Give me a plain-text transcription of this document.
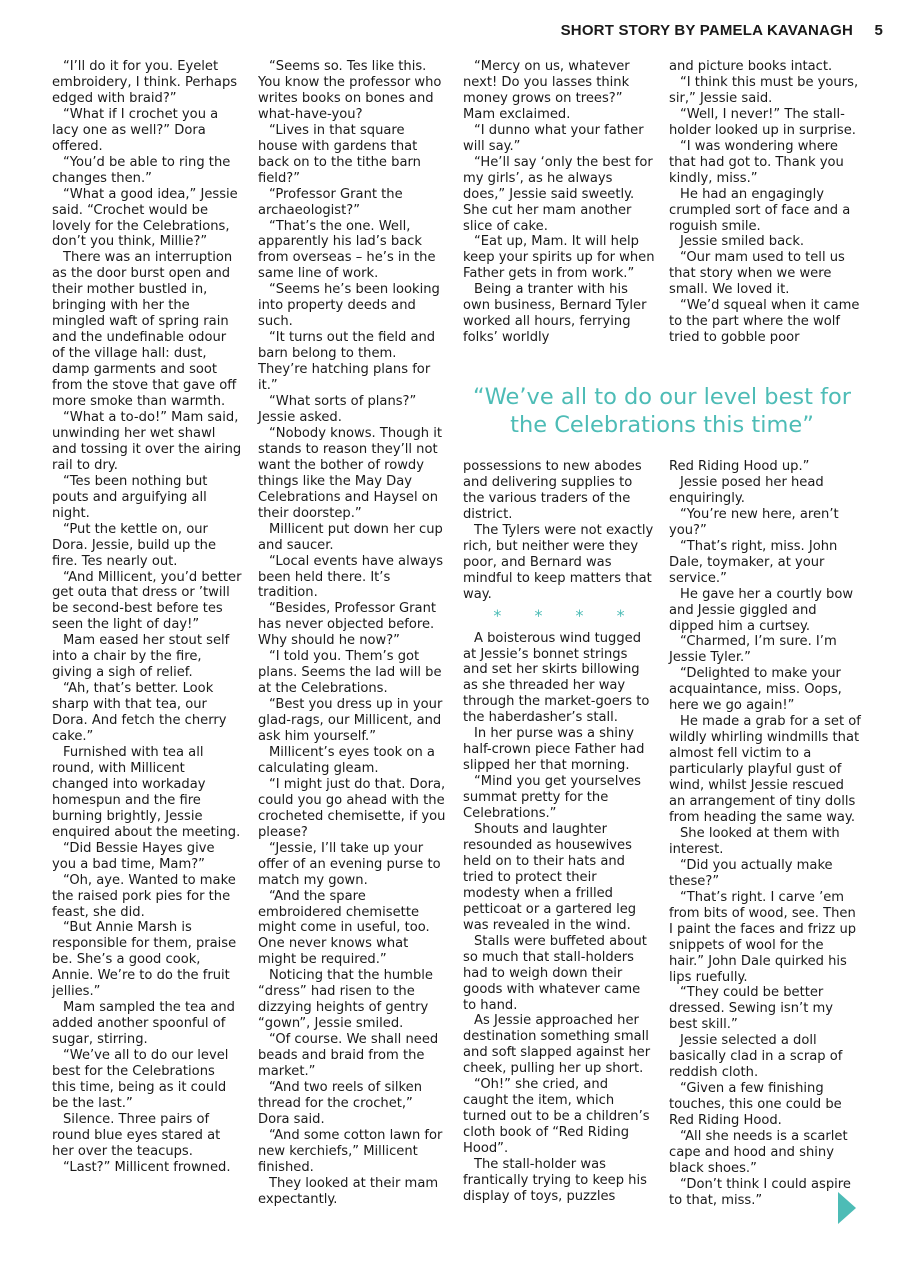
SHORT STORY BY PAMELA KAVANAGH 5

“I’ll do it for you. Eyelet embroidery, I think. Perhaps edged with braid?”

“What if I crochet you a lacy one as well?” Dora offered.

“You’d be able to ring the changes then.”

“What a good idea,” Jessie said. “Crochet would be lovely for the Celebrations, don’t you think, Millie?”

There was an interruption as the door burst open and their mother bustled in, bringing with her the mingled waft of spring rain and the undefinable odour of the village hall: dust, damp garments and soot from the stove that gave off more smoke than warmth.

“What a to-do!” Mam said, unwinding her wet shawl and tossing it over the airing rail to dry.

“Tes been nothing but pouts and arguifying all night.

“Put the kettle on, our Dora. Jessie, build up the fire. Tes nearly out.

“And Millicent, you’d better get outa that dress or ’twill be second-best before tes seen the light of day!”

Mam eased her stout self into a chair by the fire, giving a sigh of relief.

“Ah, that’s better. Look sharp with that tea, our Dora. And fetch the cherry cake.”

Furnished with tea all round, with Millicent changed into workaday homespun and the fire burning brightly, Jessie enquired about the meeting.

“Did Bessie Hayes give you a bad time, Mam?”

“Oh, aye. Wanted to make the raised pork pies for the feast, she did.

“But Annie Marsh is responsible for them, praise be. She’s a good cook, Annie. We’re to do the fruit jellies.”

Mam sampled the tea and added another spoonful of sugar, stirring.

“We’ve all to do our level best for the Celebrations this time, being as it could be the last.”

Silence. Three pairs of round blue eyes stared at her over the teacups.

“Last?” Millicent frowned.

“Seems so. Tes like this. You know the professor who writes books on bones and what-have-you?

“Lives in that square house with gardens that back on to the tithe barn field?”

“Professor Grant the archaeologist?”

“That’s the one. Well, apparently his lad’s back from overseas – he’s in the same line of work.

“Seems he’s been looking into property deeds and such.

“It turns out the field and barn belong to them. They’re hatching plans for it.”

“What sorts of plans?” Jessie asked.

“Nobody knows. Though it stands to reason they’ll not want the bother of rowdy things like the May Day Celebrations and Haysel on their doorstep.”

Millicent put down her cup and saucer.

“Local events have always been held there. It’s tradition.

“Besides, Professor Grant has never objected before. Why should he now?”

“I told you. Them’s got plans. Seems the lad will be at the Celebrations.

“Best you dress up in your glad-rags, our Millicent, and ask him yourself.”

Millicent’s eyes took on a calculating gleam.

“I might just do that. Dora, could you go ahead with the crocheted chemisette, if you please?

“Jessie, I’ll take up your offer of an evening purse to match my gown.

“And the spare embroidered chemisette might come in useful, too. One never knows what might be required.”

Noticing that the humble “dress” had risen to the dizzying heights of gentry “gown”, Jessie smiled.

“Of course. We shall need beads and braid from the market.”

“And two reels of silken thread for the crochet,” Dora said.

“And some cotton lawn for new kerchiefs,” Millicent finished.

They looked at their mam expectantly.

“Mercy on us, whatever next! Do you lasses think money grows on trees?” Mam exclaimed.

“I dunno what your father will say.”

“He’ll say ‘only the best for my girls’, as he always does,” Jessie said sweetly. She cut her mam another slice of cake.

“Eat up, Mam. It will help keep your spirits up for when Father gets in from work.”

Being a tranter with his own business, Bernard Tyler worked all hours, ferrying folks’ worldly

and picture books intact.

“I think this must be yours, sir,” Jessie said.

“Well, I never!” The stall-holder looked up in surprise.

“I was wondering where that had got to. Thank you kindly, miss.”

He had an engagingly crumpled sort of face and a roguish smile.

Jessie smiled back.

“Our mam used to tell us that story when we were small. We loved it.

“We’d squeal when it came to the part where the wolf tried to gobble poor

“We’ve all to do our level best for the Celebrations this time”

possessions to new abodes and delivering supplies to the various traders of the district.

The Tylers were not exactly rich, but neither were they poor, and Bernard was mindful to keep matters that way.

* * * *

A boisterous wind tugged at Jessie’s bonnet strings and set her skirts billowing as she threaded her way through the market-goers to the haberdasher’s stall.

In her purse was a shiny half-crown piece Father had slipped her that morning.

“Mind you get yourselves summat pretty for the Celebrations.”

Shouts and laughter resounded as housewives held on to their hats and tried to protect their modesty when a frilled petticoat or a gartered leg was revealed in the wind.

Stalls were buffeted about so much that stall-holders had to weigh down their goods with whatever came to hand.

As Jessie approached her destination something small and soft slapped against her cheek, pulling her up short.

“Oh!” she cried, and caught the item, which turned out to be a children’s cloth book of “Red Riding Hood”.

The stall-holder was frantically trying to keep his display of toys, puzzles

Red Riding Hood up.”

Jessie posed her head enquiringly.

“You’re new here, aren’t you?”

“That’s right, miss. John Dale, toymaker, at your service.”

He gave her a courtly bow and Jessie giggled and dipped him a curtsey.

“Charmed, I’m sure. I’m Jessie Tyler.”

“Delighted to make your acquaintance, miss. Oops, here we go again!”

He made a grab for a set of wildly whirling windmills that almost fell victim to a particularly playful gust of wind, whilst Jessie rescued an arrangement of tiny dolls from heading the same way.

She looked at them with interest.

“Did you actually make these?”

“That’s right. I carve ’em from bits of wood, see. Then I paint the faces and frizz up snippets of wool for the hair.” John Dale quirked his lips ruefully.

“They could be better dressed. Sewing isn’t my best skill.”

Jessie selected a doll basically clad in a scrap of reddish cloth.

“Given a few finishing touches, this one could be Red Riding Hood.

“All she needs is a scarlet cape and hood and shiny black shoes.”

“Don’t think I could aspire to that, miss.”
